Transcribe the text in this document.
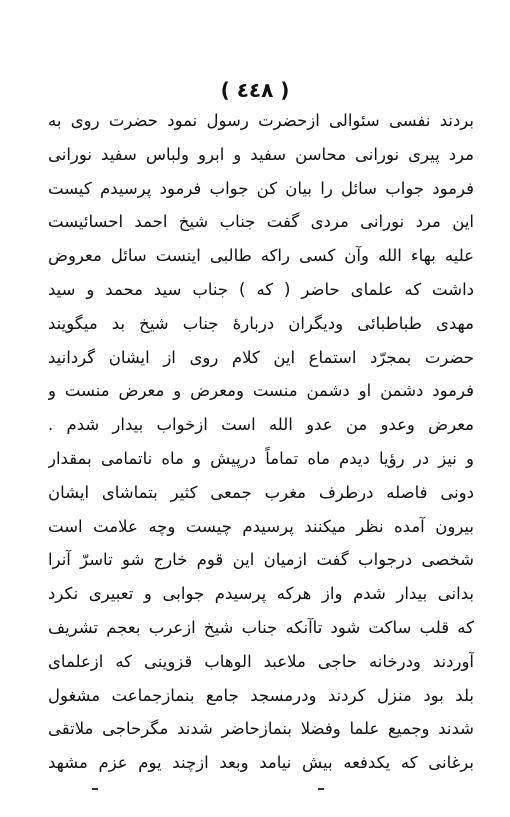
( ٤٤٨ )
بردند نفسی سئوالی ازحضرت رسول نمود حضرت روی به
مرد پیری نورانی محاسن سفید و ابرو ولباس سفید نورانی
فرمود جواب سائل را بیان کن جواب فرمود پرسیدم کیست
این مرد نورانی مردی گفت جناب شیخ احمد احسائیست
علیه بهاء الله وآن کسی راکه طالبی اینست سائل معروض
داشت که علمای حاضر ( که ) جناب سید محمد و سید
مهدی طباطبائی ودیگران دربارهٔ جناب شیخ بد میگویند
حضرت بمجرّد استماع این کلام روی از ایشان گردانید
فرمود دشمن او دشمن منست ومعرض و معرض منست و
معرض وعدو من عدو الله است ازخواب بیدار شدم .
و نیز در رؤیا دیدم ماه تماماً درپیش و ماه ناتمامی بمقدار
دونی فاصله درطرف مغرب جمعی کثیر بتماشای ایشان
بیرون آمده نظر میکنند پرسیدم چیست وچه علامت است
شخصی درجواب گفت ازمیان این قوم خارج شو تاسرّ آنرا
بدانی بیدار شدم واز هرکه پرسیدم جوابی و تعبیری نکرد
که قلب ساکت شود تاآنکه جناب شیخ ازعرب بعجم تشریف
آوردند ودرخانه حاجی ملاعبد الوهاب قزوینی که ازعلمای
بلد بود منزل کردند ودرمسجد جامع بنمازجماعت مشغول
شدند وجمیع علما وفضلا بنمازحاضر شدند مگرحاجی ملاتقی
برغانی که یکدفعه بیش نیامد وبعد ازچند یوم عزم مشهد
